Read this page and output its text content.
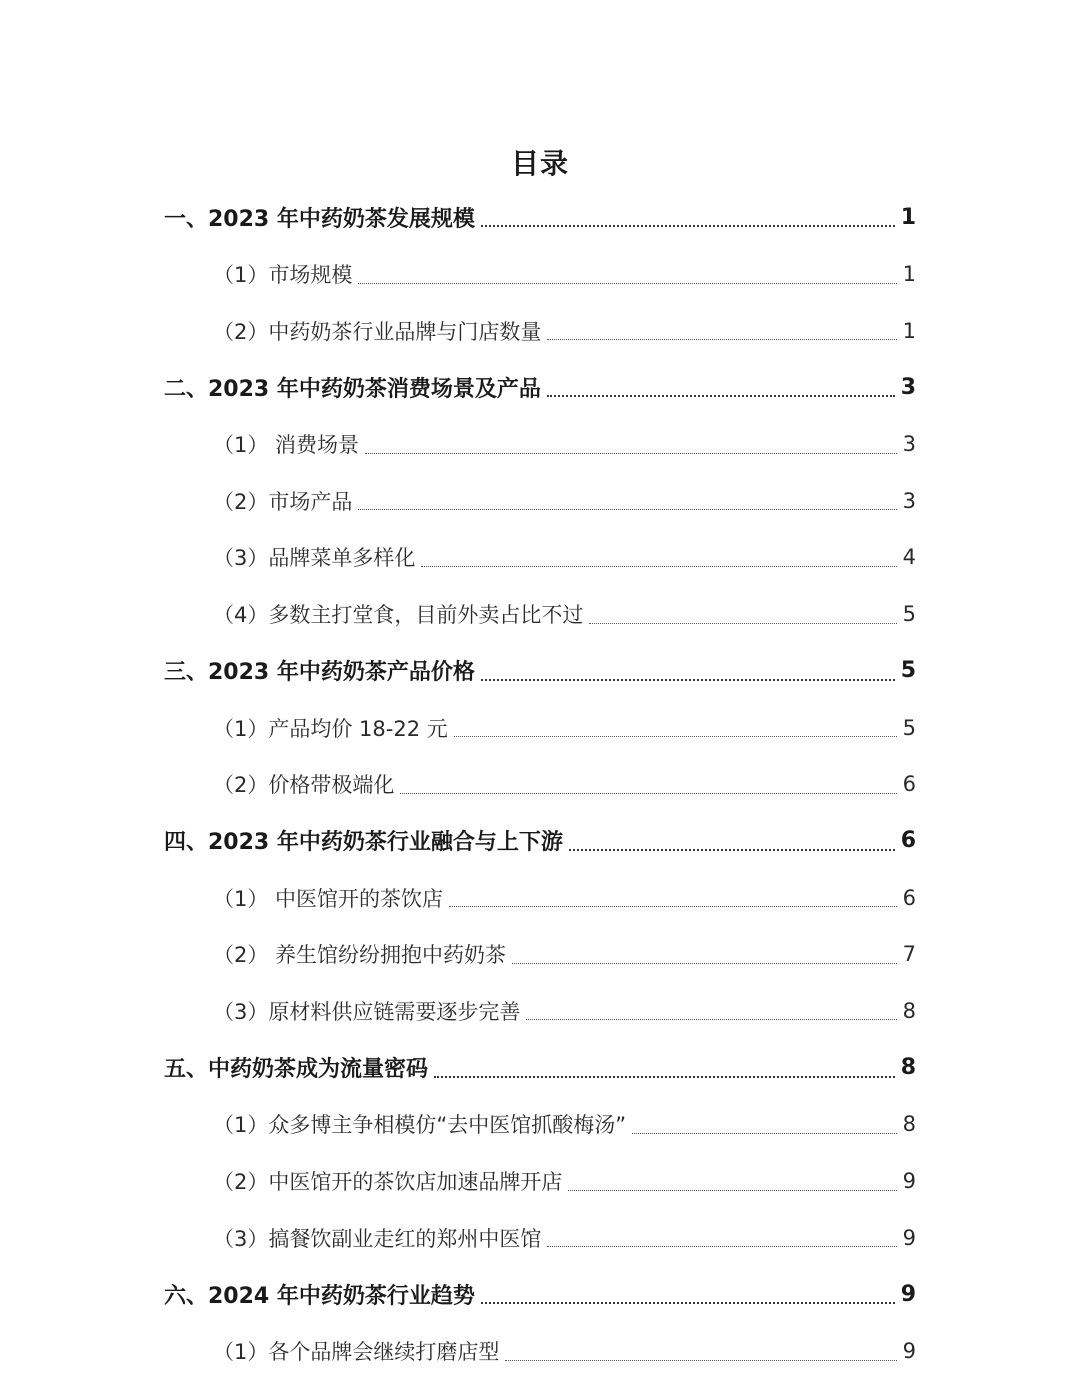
目录
一、2023 年中药奶茶发展规模	1
（1）市场规模	1
（2）中药奶茶行业品牌与门店数量	1
二、2023 年中药奶茶消费场景及产品	3
（1） 消费场景	3
（2）市场产品	3
（3）品牌菜单多样化	4
（4）多数主打堂食，目前外卖占比不过	5
三、2023 年中药奶茶产品价格	5
（1）产品均价 18-22 元	5
（2）价格带极端化	6
四、2023 年中药奶茶行业融合与上下游	6
（1） 中医馆开的茶饮店	6
（2） 养生馆纷纷拥抱中药奶茶	7
（3）原材料供应链需要逐步完善	8
五、中药奶茶成为流量密码	8
（1）众多博主争相模仿“去中医馆抓酸梅汤”	8
（2）中医馆开的茶饮店加速品牌开店	9
（3）搞餐饮副业走红的郑州中医馆	9
六、2024 年中药奶茶行业趋势	9
（1）各个品牌会继续打磨店型	9
